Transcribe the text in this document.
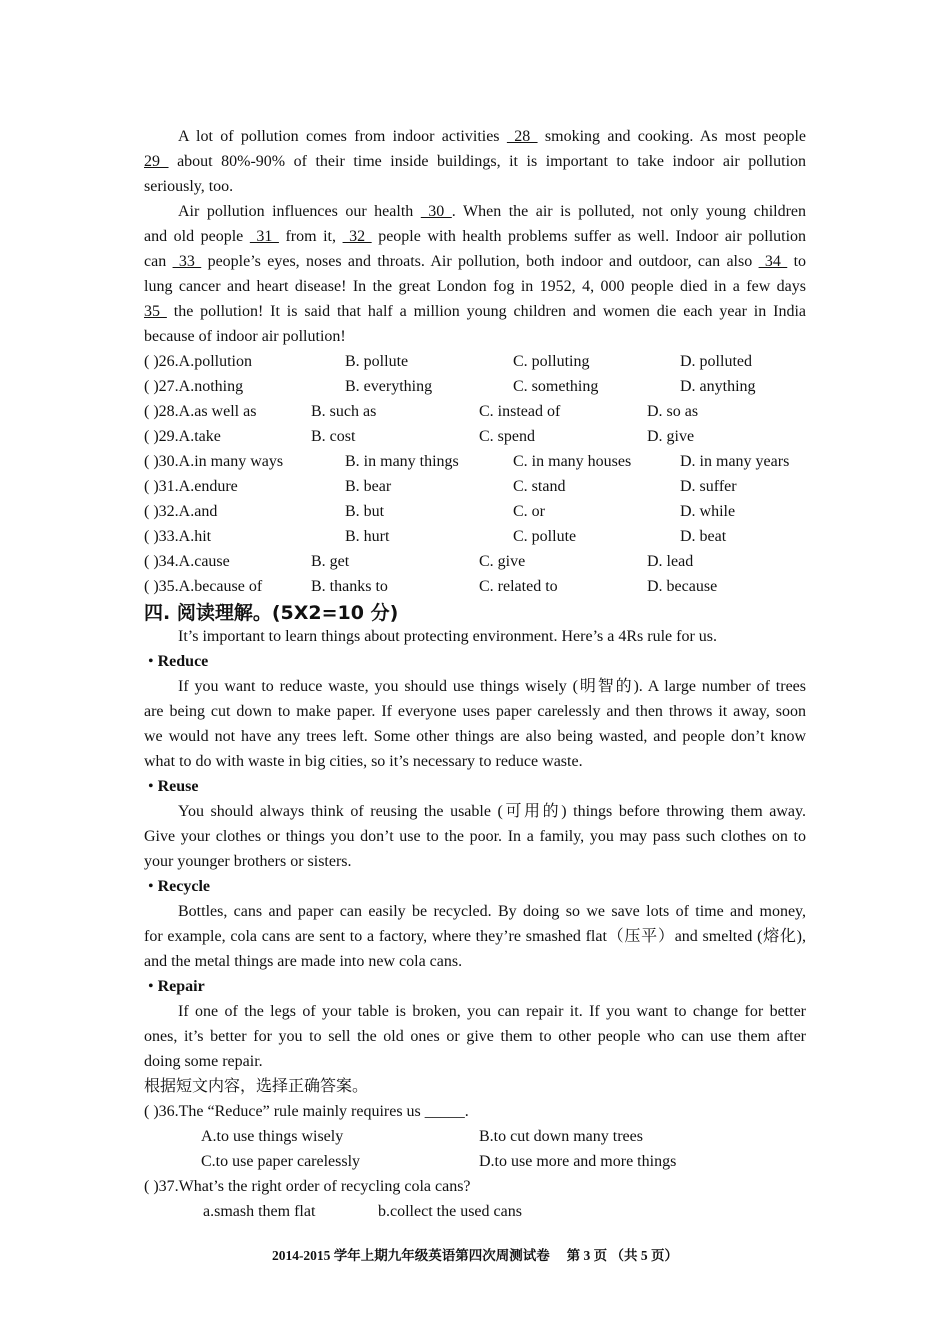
A lot of pollution comes from indoor activities  28  smoking and cooking. As most people
29  about 80%-90% of their time inside buildings, it is important to take indoor air pollution
seriously, too.
Air pollution influences our health  30 . When the air is polluted, not only young children
and old people  31  from it,  32  people with health problems suffer as well. Indoor air pollution
can  33  people’s eyes, noses and throats. Air pollution, both indoor and outdoor, can also  34  to
lung cancer and heart disease! In the great London fog in 1952, 4, 000 people died in a few days
35  the pollution! It is said that half a million young children and women die each year in India
because of indoor air pollution!
( )26.A.pollution	B. pollute	C. polluting	D. polluted
( )27.A.nothing	B. everything	C. something	D. anything
( )28.A.as well as	B. such as	C. instead of	D. so as
( )29.A.take	B. cost	C. spend	D. give
( )30.A.in many ways	B. in many things	C. in many houses	D. in many years
( )31.A.endure	B. bear	C. stand	D. suffer
( )32.A.and	B. but	C. or	D. while
( )33.A.hit	B. hurt	C. pollute	D. beat
( )34.A.cause	B. get	C. give	D. lead
( )35.A.because of	B. thanks to	C. related to	D. because
四. 阅读理解。(5X2=10 分)
It’s important to learn things about protecting environment. Here’s a 4Rs rule for us.
• Reduce
If you want to reduce waste, you should use things wisely (明智的). A large number of trees
are being cut down to make paper. If everyone uses paper carelessly and then throws it away, soon
we would not have any trees left. Some other things are also being wasted, and people don’t know
what to do with waste in big cities, so it’s necessary to reduce waste.
• Reuse
You should always think of reusing the usable (可用的) things before throwing them away.
Give your clothes or things you don’t use to the poor. In a family, you may pass such clothes on to
your younger brothers or sisters.
• Recycle
Bottles, cans and paper can easily be recycled. By doing so we save lots of time and money,
for example, cola cans are sent to a factory, where they’re smashed flat（压平）and smelted (熔化),
and the metal things are made into new cola cans.
• Repair
If one of the legs of your table is broken, you can repair it. If you want to change for better
ones, it’s better for you to sell the old ones or give them to other people who can use them after
doing some repair.
根据短文内容，选择正确答案。
( )36.The “Reduce” rule mainly requires us _____.
A.to use things wisely	B.to cut down many trees
C.to use paper carelessly	D.to use more and more things
( )37.What’s the right order of recycling cola cans?
a.smash them flat	b.collect the used cans
2014-2015 学年上期九年级英语第四次周测试卷　 第 3 页 （共 5 页）
